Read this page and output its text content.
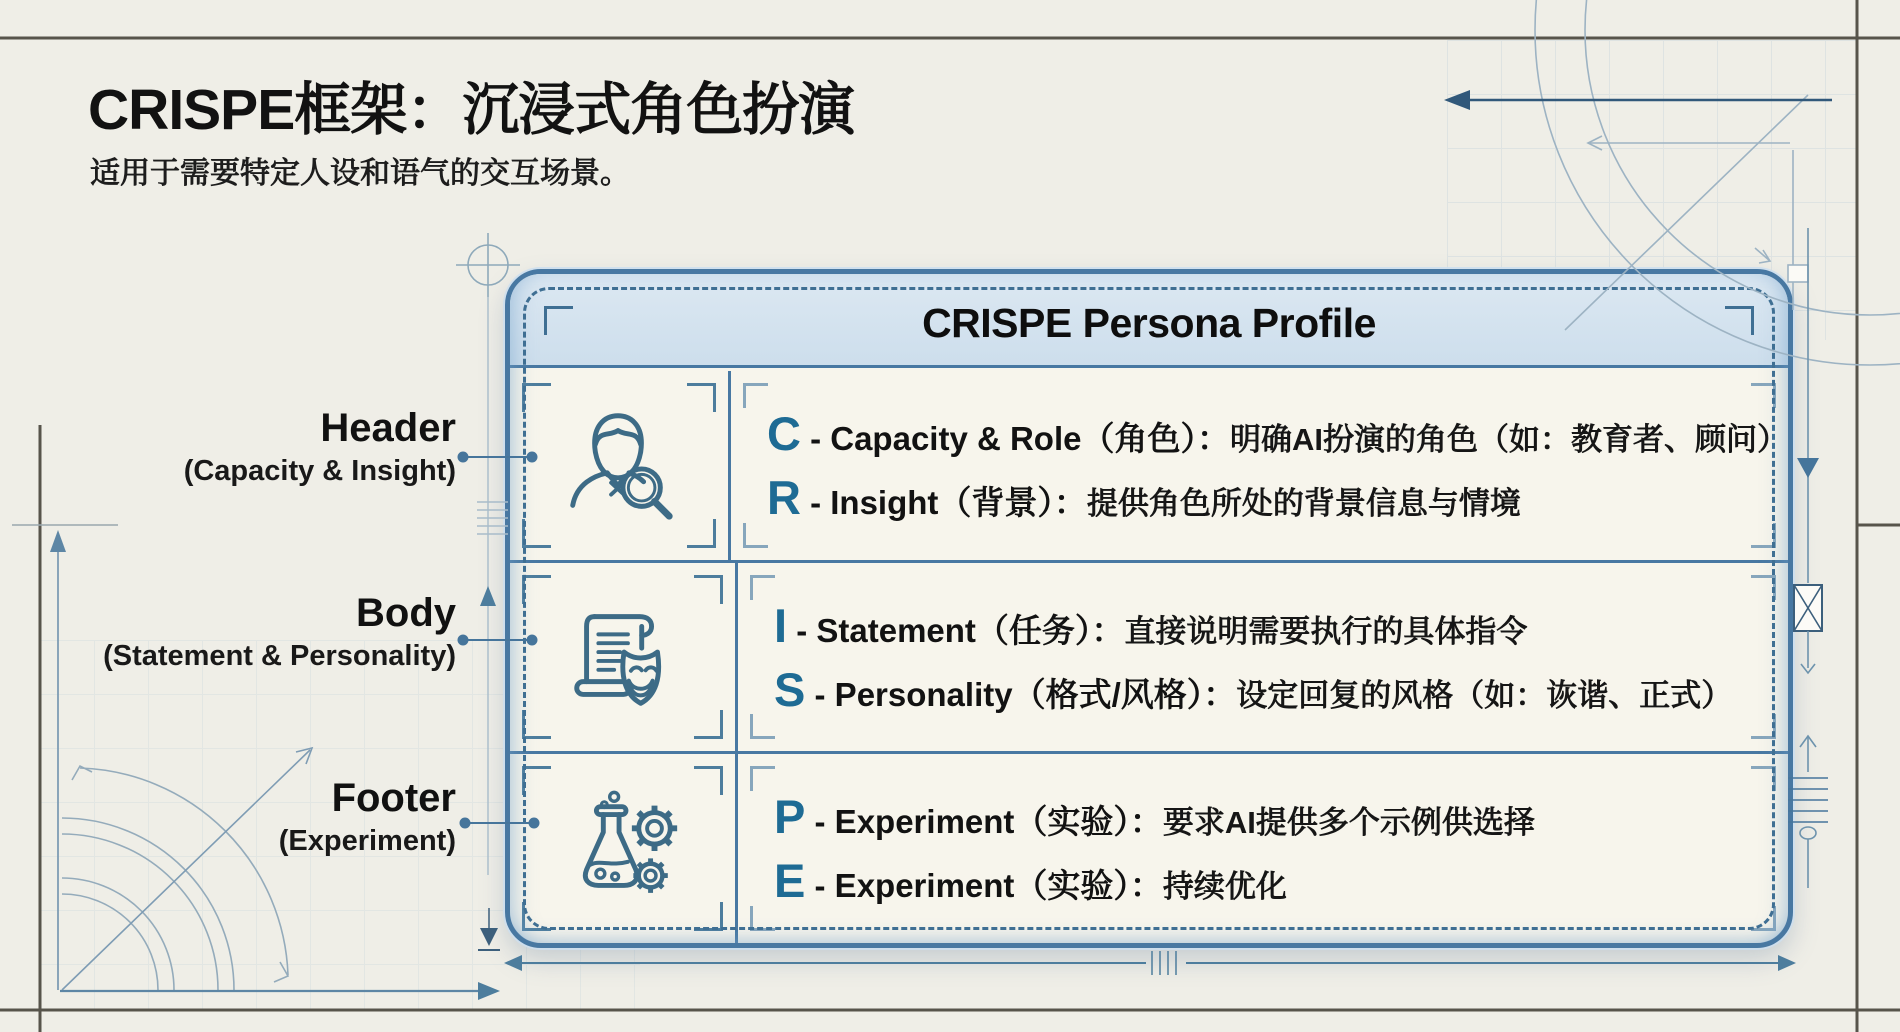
CRISPE框架：沉浸式角色扮演
适用于需要特定人设和语气的交互场景。
Header
(Capacity & Insight)
Body
(Statement & Personality)
Footer
(Experiment)
CRISPE Persona Profile
C - Capacity & Role（角色）：明确AI扮演的角色（如：教育者、顾问）
R - Insight（背景）：提供角色所处的背景信息与情境
I - Statement（任务）：直接说明需要执行的具体指令
S - Personality（格式/风格）：设定回复的风格（如：诙谐、正式）
P - Experiment（实验）：要求AI提供多个示例供选择
E - Experiment（实验）：持续优化
